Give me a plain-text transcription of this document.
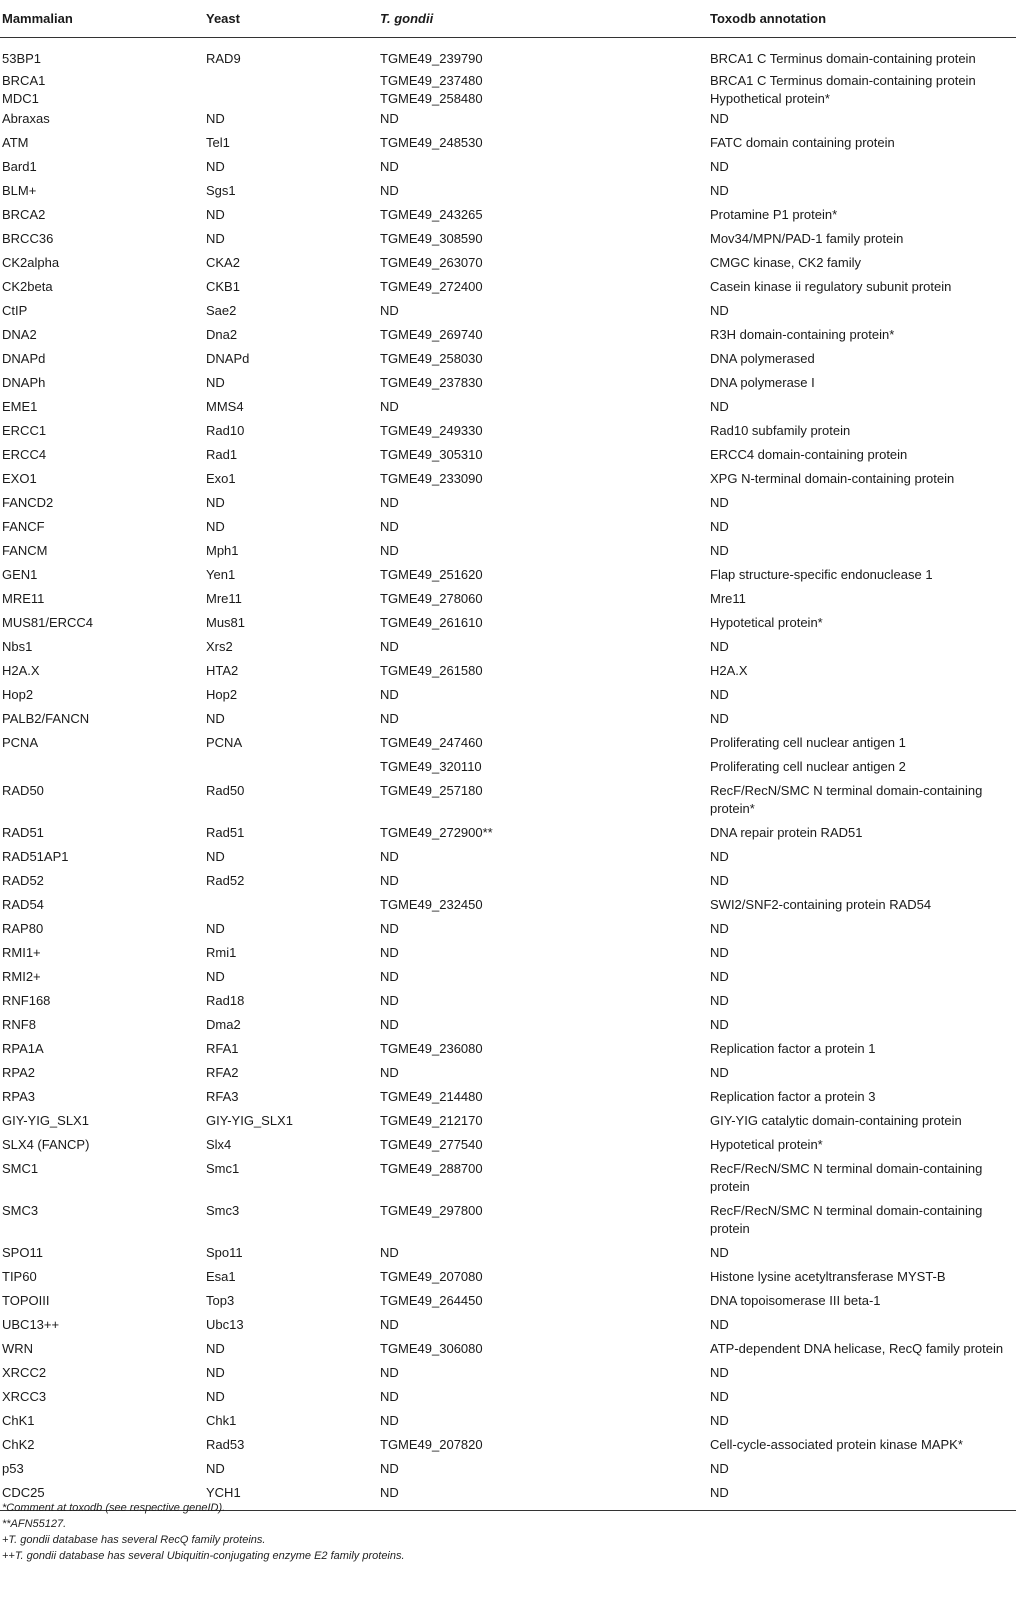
Mammalian	Yeast	T. gondii	Toxodb annotation
53BP1	RAD9	TGME49_239790	BRCA1 C Terminus domain-containing protein
BRCA1		TGME49_237480	BRCA1 C Terminus domain-containing protein
MDC1		TGME49_258480	Hypothetical protein*
Abraxas	ND	ND	ND
ATM	Tel1	TGME49_248530	FATC domain containing protein
Bard1	ND	ND	ND
BLM+	Sgs1	ND	ND
BRCA2	ND	TGME49_243265	Protamine P1 protein*
BRCC36	ND	TGME49_308590	Mov34/MPN/PAD-1 family protein
CK2alpha	CKA2	TGME49_263070	CMGC kinase, CK2 family
CK2beta	CKB1	TGME49_272400	Casein kinase ii regulatory subunit protein
CtIP	Sae2	ND	ND
DNA2	Dna2	TGME49_269740	R3H domain-containing protein*
DNAPd	DNAPd	TGME49_258030	DNA polymerased
DNAPh	ND	TGME49_237830	DNA polymerase I
EME1	MMS4	ND	ND
ERCC1	Rad10	TGME49_249330	Rad10 subfamily protein
ERCC4	Rad1	TGME49_305310	ERCC4 domain-containing protein
EXO1	Exo1	TGME49_233090	XPG N-terminal domain-containing protein
FANCD2	ND	ND	ND
FANCF	ND	ND	ND
FANCM	Mph1	ND	ND
GEN1	Yen1	TGME49_251620	Flap structure-specific endonuclease 1
MRE11	Mre11	TGME49_278060	Mre11
MUS81/ERCC4	Mus81	TGME49_261610	Hypotetical protein*
Nbs1	Xrs2	ND	ND
H2A.X	HTA2	TGME49_261580	H2A.X
Hop2	Hop2	ND	ND
PALB2/FANCN	ND	ND	ND
PCNA	PCNA	TGME49_247460	Proliferating cell nuclear antigen 1
		TGME49_320110	Proliferating cell nuclear antigen 2
RAD50	Rad50	TGME49_257180	RecF/RecN/SMC N terminal domain-containing protein*
RAD51	Rad51	TGME49_272900**	DNA repair protein RAD51
RAD51AP1	ND	ND	ND
RAD52	Rad52	ND	ND
RAD54		TGME49_232450	SWI2/SNF2-containing protein RAD54
RAP80	ND	ND	ND
RMI1+	Rmi1	ND	ND
RMI2+	ND	ND	ND
RNF168	Rad18	ND	ND
RNF8	Dma2	ND	ND
RPA1A	RFA1	TGME49_236080	Replication factor a protein 1
RPA2	RFA2	ND	ND
RPA3	RFA3	TGME49_214480	Replication factor a protein 3
GIY-YIG_SLX1	GIY-YIG_SLX1	TGME49_212170	GIY-YIG catalytic domain-containing protein
SLX4 (FANCP)	Slx4	TGME49_277540	Hypotetical protein*
SMC1	Smc1	TGME49_288700	RecF/RecN/SMC N terminal domain-containing protein
SMC3	Smc3	TGME49_297800	RecF/RecN/SMC N terminal domain-containing protein
SPO11	Spo11	ND	ND
TIP60	Esa1	TGME49_207080	Histone lysine acetyltransferase MYST-B
TOPOIII	Top3	TGME49_264450	DNA topoisomerase III beta-1
UBC13++	Ubc13	ND	ND
WRN	ND	TGME49_306080	ATP-dependent DNA helicase, RecQ family protein
XRCC2	ND	ND	ND
XRCC3	ND	ND	ND
ChK1	Chk1	ND	ND
ChK2	Rad53	TGME49_207820	Cell-cycle-associated protein kinase MAPK*
p53	ND	ND	ND
CDC25	YCH1	ND	ND
*Comment at toxodb (see respective geneID).
**AFN55127.
+T. gondii database has several RecQ family proteins.
++T. gondii database has several Ubiquitin-conjugating enzyme E2 family proteins.
